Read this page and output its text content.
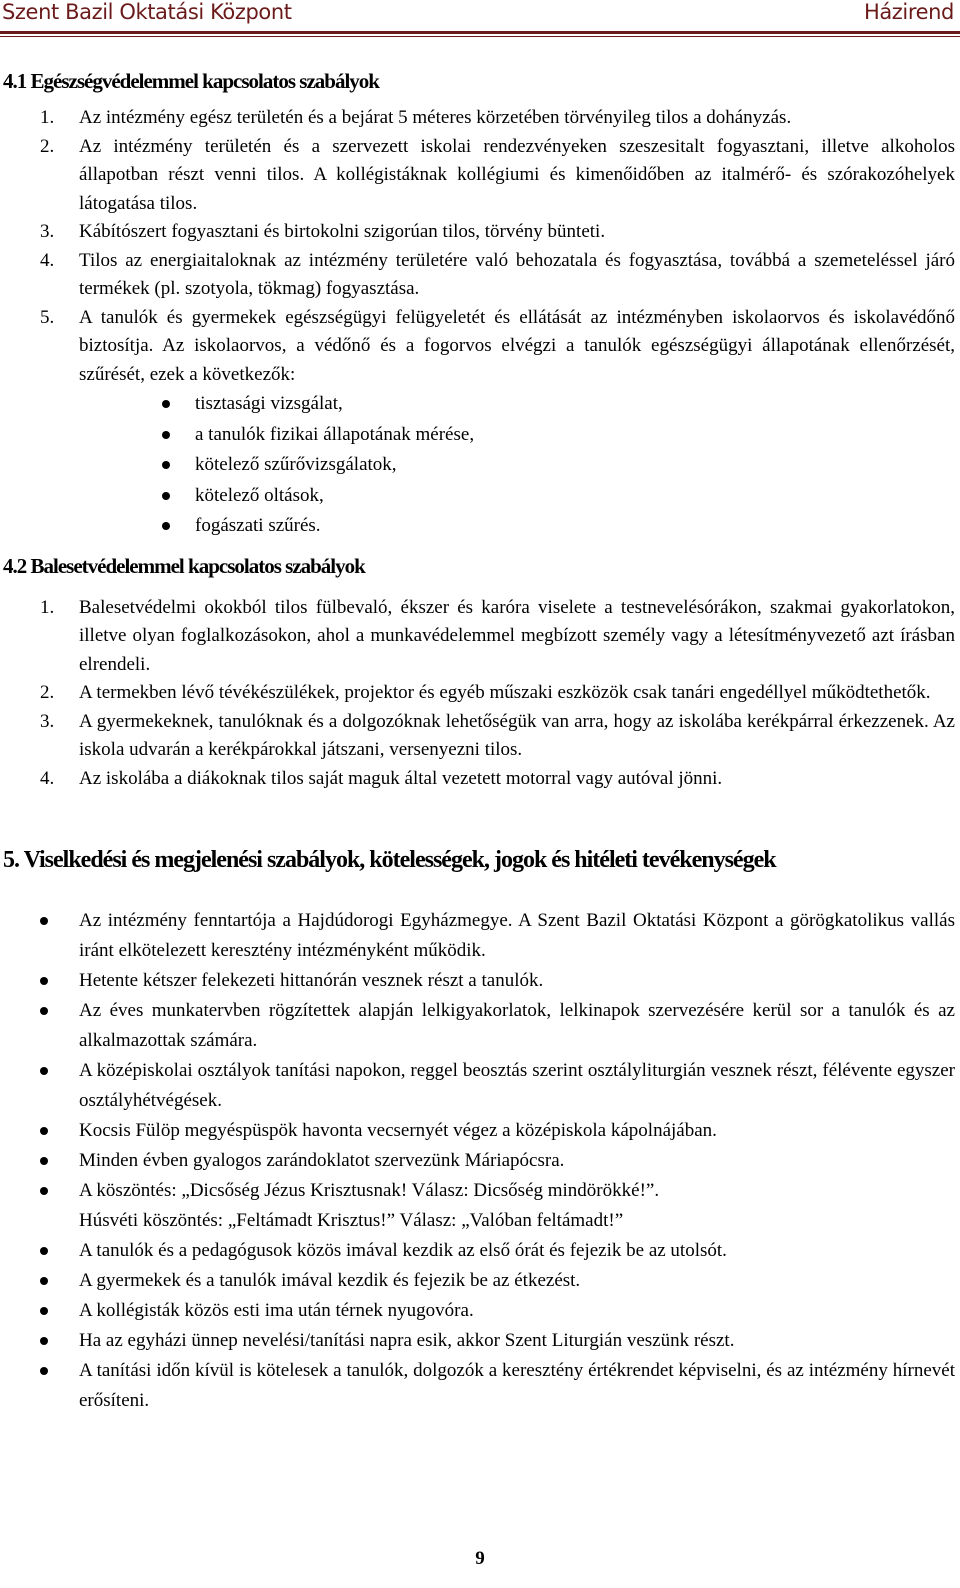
Szent Bazil Oktatási Központ	Házirend
4.1 Egészségvédelemmel kapcsolatos szabályok
1. Az intézmény egész területén és a bejárat 5 méteres körzetében törvényileg tilos a dohányzás.
2. Az intézmény területén és a szervezett iskolai rendezvényeken szeszesitalt fogyasztani, illetve alkoholos állapotban részt venni tilos. A kollégistáknak kollégiumi és kimenőidőben az italmérő- és szórakozóhelyek látogatása tilos.
3. Kábítószert fogyasztani és birtokolni szigorúan tilos, törvény bünteti.
4. Tilos az energiaitaloknak az intézmény területére való behozatala és fogyasztása, továbbá a szemeteléssel járó termékek (pl. szotyola, tökmag) fogyasztása.
5. A tanulók és gyermekek egészségügyi felügyeletét és ellátását az intézményben iskolaorvos és iskolavédőnő biztosítja. Az iskolaorvos, a védőnő és a fogorvos elvégzi a tanulók egészségügyi állapotának ellenőrzését, szűrését, ezek a következők:
tisztasági vizsgálat,
a tanulók fizikai állapotának mérése,
kötelező szűrővizsgálatok,
kötelező oltások,
fogászati szűrés.
4.2 Balesetvédelemmel kapcsolatos szabályok
1. Balesetvédelmi okokból tilos fülbevaló, ékszer és karóra viselete a testnevelésórákon, szakmai gyakorlatokon, illetve olyan foglalkozásokon, ahol a munkavédelemmel megbízott személy vagy a létesítményvezető azt írásban elrendeli.
2. A termekben lévő tévékészülékek, projektor és egyéb műszaki eszközök csak tanári engedéllyel működtethetők.
3. A gyermekeknek, tanulóknak és a dolgozóknak lehetőségük van arra, hogy az iskolába kerékpárral érkezzenek. Az iskola udvarán a kerékpárokkal játszani, versenyezni tilos.
4. Az iskolába a diákoknak tilos saját maguk által vezetett motorral vagy autóval jönni.
5. Viselkedési és megjelenési szabályok, kötelességek, jogok és hitéleti tevékenységek
Az intézmény fenntartója a Hajdúdorogi Egyházmegye. A Szent Bazil Oktatási Központ a görögkatolikus vallás iránt elkötelezett keresztény intézményként működik.
Hetente kétszer felekezeti hittanórán vesznek részt a tanulók.
Az éves munkatervben rögzítettek alapján lelkigyakorlatok, lelkinapok szervezésére kerül sor a tanulók és az alkalmazottak számára.
A középiskolai osztályok tanítási napokon, reggel beosztás szerint osztályliturgián vesznek részt, félévente egyszer osztályhétvégések.
Kocsis Fülöp megyéspüspök havonta vecsernyét végez a középiskola kápolnájában.
Minden évben gyalogos zarándoklatot szervezünk Máriapócsra.
A köszöntés: „Dicsőség Jézus Krisztusnak! Válasz: Dicsőség mindörökké!”.
Húsvéti köszöntés: „Feltámadt Krisztus!” Válasz: „Valóban feltámadt!”
A tanulók és a pedagógusok közös imával kezdik az első órát és fejezik be az utolsót.
A gyermekek és a tanulók imával kezdik és fejezik be az étkezést.
A kollégisták közös esti ima után térnek nyugovóra.
Ha az egyházi ünnep nevelési/tanítási napra esik, akkor Szent Liturgián veszünk részt.
A tanítási időn kívül is kötelesek a tanulók, dolgozók a keresztény értékrendet képviselni, és az intézmény hírnevét erősíteni.
9
